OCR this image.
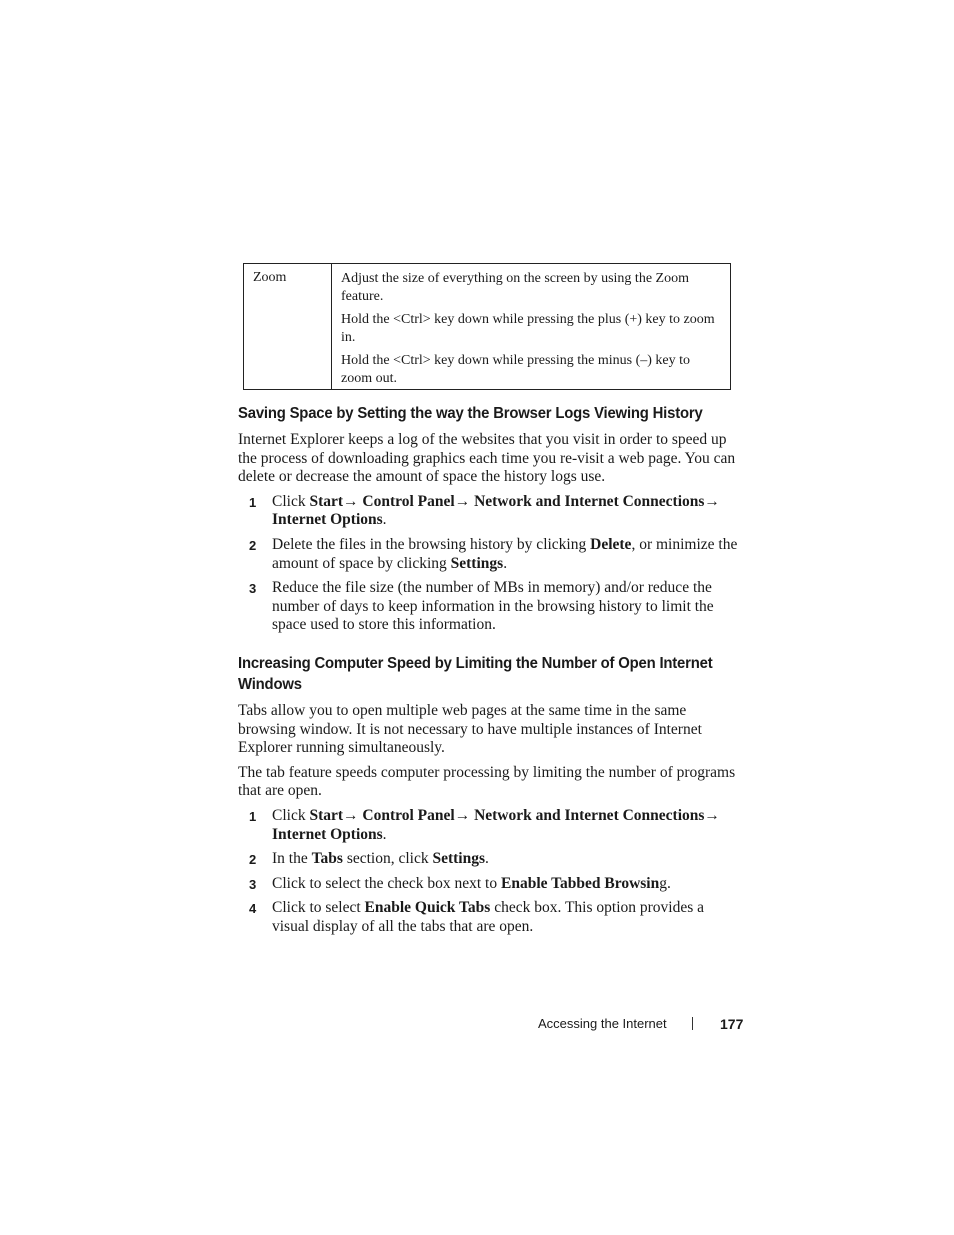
Zoom	Adjust the size of everything on the screen by using the Zoom feature.

Hold the <Ctrl> key down while pressing the plus (+) key to zoom in.

Hold the <Ctrl> key down while pressing the minus (–) key to zoom out.

Saving Space by Setting the way the Browser Logs Viewing History

Internet Explorer keeps a log of the websites that you visit in order to speed up the process of downloading graphics each time you re-visit a web page. You can delete or decrease the amount of space the history logs use.

1 Click Start→ Control Panel→ Network and Internet Connections→ Internet Options.
2 Delete the files in the browsing history by clicking Delete, or minimize the amount of space by clicking Settings.
3 Reduce the file size (the number of MBs in memory) and/or reduce the number of days to keep information in the browsing history to limit the space used to store this information.
Increasing Computer Speed by Limiting the Number of Open Internet Windows

Tabs allow you to open multiple web pages at the same time in the same browsing window. It is not necessary to have multiple instances of Internet Explorer running simultaneously.

The tab feature speeds computer processing by limiting the number of programs that are open.

1 Click Start→ Control Panel→ Network and Internet Connections→ Internet Options.
2 In the Tabs section, click Settings.
3 Click to select the check box next to Enable Tabbed Browsing.
4 Click to select Enable Quick Tabs check box. This option provides a visual display of all the tabs that are open.
Accessing the Internet	177
